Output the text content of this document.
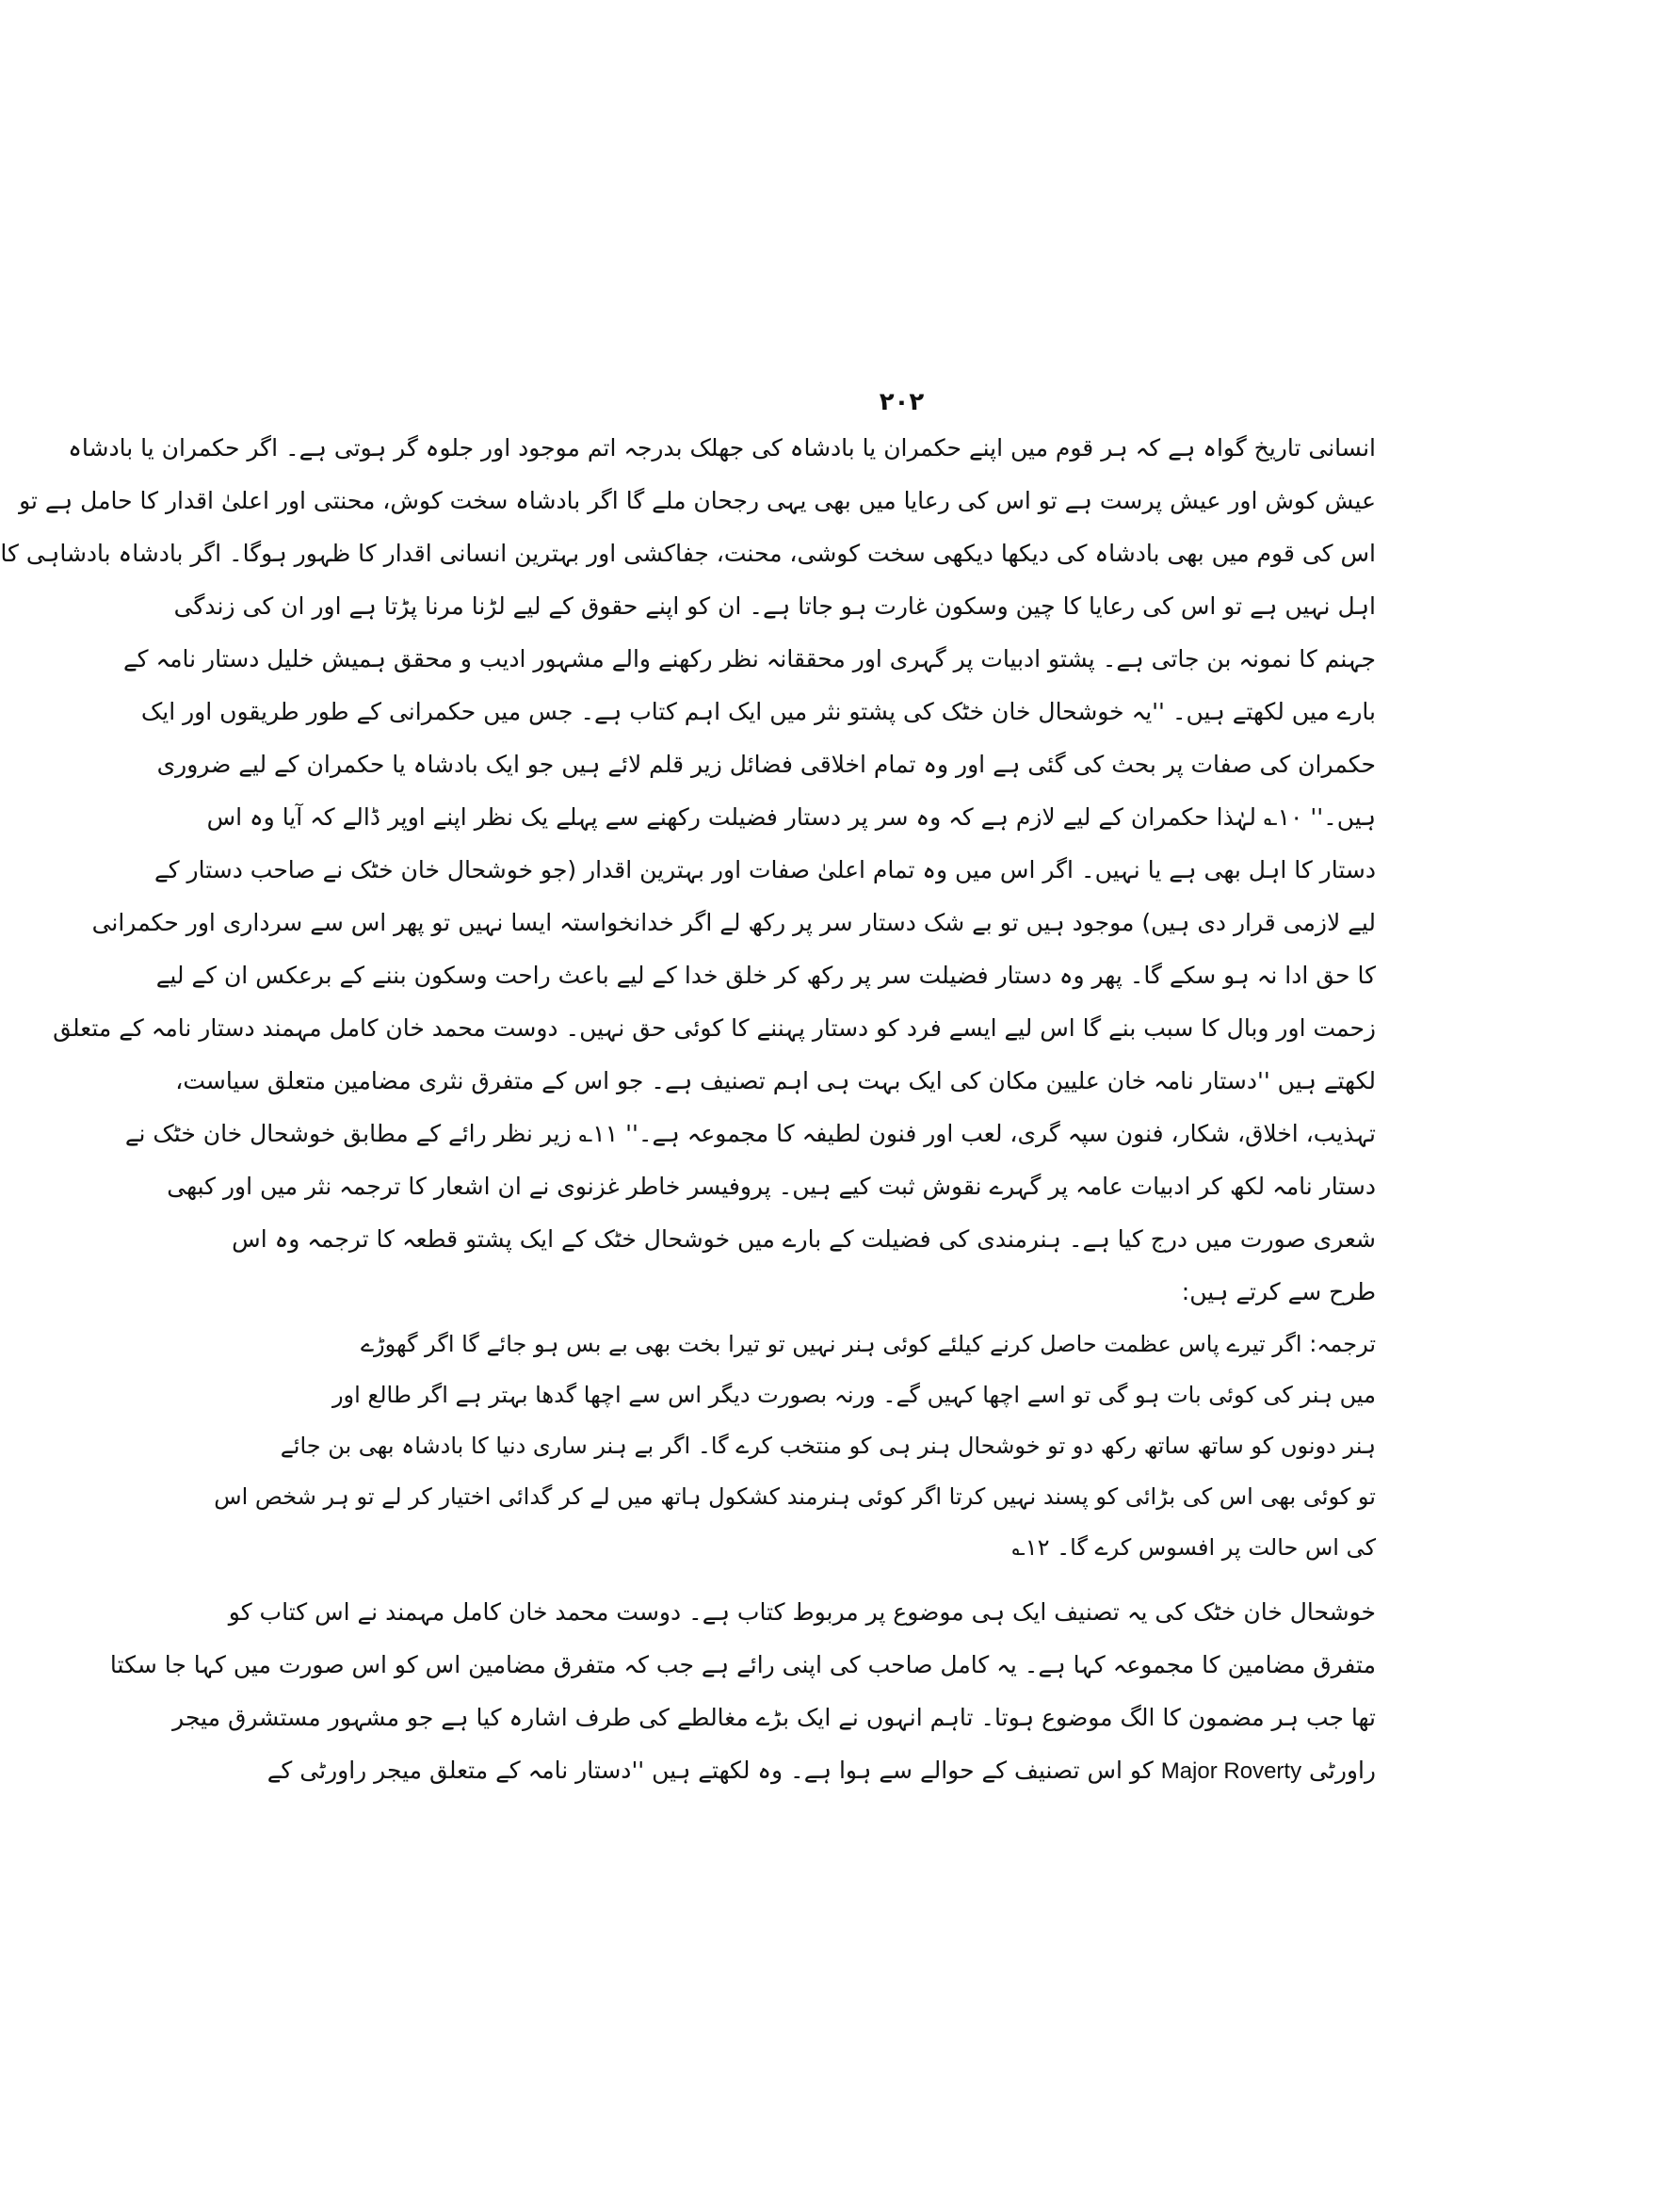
۲۰۲

انسانی تاریخ گواہ ہے کہ ہر قوم میں اپنے حکمران یا بادشاہ کی جھلک بدرجہ اتم موجود اور جلوہ گر ہوتی ہے۔ اگر حکمران یا بادشاہ
عیش کوش اور عیش پرست ہے تو اس کی رعایا میں بھی یہی رجحان ملے گا اگر بادشاہ سخت کوش، محنتی اور اعلیٰ اقدار کا حامل ہے تو
اس کی قوم میں بھی بادشاہ کی دیکھا دیکھی سخت کوشی، محنت، جفاکشی اور بہترین انسانی اقدار کا ظہور ہوگا۔ اگر بادشاہ بادشاہی کا
اہل نہیں ہے تو اس کی رعایا کا چین وسکون غارت ہو جاتا ہے۔ ان کو اپنے حقوق کے لیے لڑنا مرنا پڑتا ہے اور ان کی زندگی
جہنم کا نمونہ بن جاتی ہے۔ پشتو ادبیات پر گہری اور محققانہ نظر رکھنے والے مشہور ادیب و محقق ہمیش خلیل دستار نامہ کے
بارے میں لکھتے ہیں۔ ''یہ خوشحال خان خٹک کی پشتو نثر میں ایک اہم کتاب ہے۔ جس میں حکمرانی کے طور طریقوں اور ایک
حکمران کی صفات پر بحث کی گئی ہے اور وہ تمام اخلاقی فضائل زیر قلم لائے ہیں جو ایک بادشاہ یا حکمران کے لیے ضروری
ہیں۔'' ۱۰؎ لہٰذا حکمران کے لیے لازم ہے کہ وہ سر پر دستار فضیلت رکھنے سے پہلے یک نظر اپنے اوپر ڈالے کہ آیا وہ اس
دستار کا اہل بھی ہے یا نہیں۔ اگر اس میں وہ تمام اعلیٰ صفات اور بہترین اقدار (جو خوشحال خان خٹک نے صاحب دستار کے
لیے لازمی قرار دی ہیں) موجود ہیں تو بے شک دستار سر پر رکھ لے اگر خدانخواستہ ایسا نہیں تو پھر اس سے سرداری اور حکمرانی
کا حق ادا نہ ہو سکے گا۔ پھر وہ دستار فضیلت سر پر رکھ کر خلق خدا کے لیے باعث راحت وسکون بننے کے برعکس ان کے لیے
زحمت اور وبال کا سبب بنے گا اس لیے ایسے فرد کو دستار پہننے کا کوئی حق نہیں۔ دوست محمد خان کامل مہمند دستار نامہ کے متعلق
لکھتے ہیں ''دستار نامہ خان علیین مکان کی ایک بہت ہی اہم تصنیف ہے۔ جو اس کے متفرق نثری مضامین متعلق سیاست،
تہذیب، اخلاق، شکار، فنون سپہ گری، لعب اور فنون لطیفہ کا مجموعہ ہے۔'' ۱۱؎ زیر نظر رائے کے مطابق خوشحال خان خٹک نے
دستار نامہ لکھ کر ادبیات عامہ پر گہرے نقوش ثبت کیے ہیں۔ پروفیسر خاطر غزنوی نے ان اشعار کا ترجمہ نثر میں اور کبھی
شعری صورت میں درج کیا ہے۔ ہنرمندی کی فضیلت کے بارے میں خوشحال خٹک کے ایک پشتو قطعہ کا ترجمہ وہ اس
طرح سے کرتے ہیں:

ترجمہ: اگر تیرے پاس عظمت حاصل کرنے کیلئے کوئی ہنر نہیں تو تیرا بخت بھی بے بس ہو جائے گا اگر گھوڑے
میں ہنر کی کوئی بات ہو گی تو اسے اچھا کہیں گے۔ ورنہ بصورت دیگر اس سے اچھا گدھا بہتر ہے اگر طالع اور
ہنر دونوں کو ساتھ ساتھ رکھ دو تو خوشحال ہنر ہی کو منتخب کرے گا۔ اگر بے ہنر ساری دنیا کا بادشاہ بھی بن جائے
تو کوئی بھی اس کی بڑائی کو پسند نہیں کرتا اگر کوئی ہنرمند کشکول ہاتھ میں لے کر گدائی اختیار کر لے تو ہر شخص اس
کی اس حالت پر افسوس کرے گا۔ ۱۲؎

خوشحال خان خٹک کی یہ تصنیف ایک ہی موضوع پر مربوط کتاب ہے۔ دوست محمد خان کامل مہمند نے اس کتاب کو
متفرق مضامین کا مجموعہ کہا ہے۔ یہ کامل صاحب کی اپنی رائے ہے جب کہ متفرق مضامین اس کو اس صورت میں کہا جا سکتا
تھا جب ہر مضمون کا الگ موضوع ہوتا۔ تاہم انہوں نے ایک بڑے مغالطے کی طرف اشارہ کیا ہے جو مشہور مستشرق میجر
راورٹی Major Roverty کو اس تصنیف کے حوالے سے ہوا ہے۔ وہ لکھتے ہیں ''دستار نامہ کے متعلق میجر راورٹی کے
